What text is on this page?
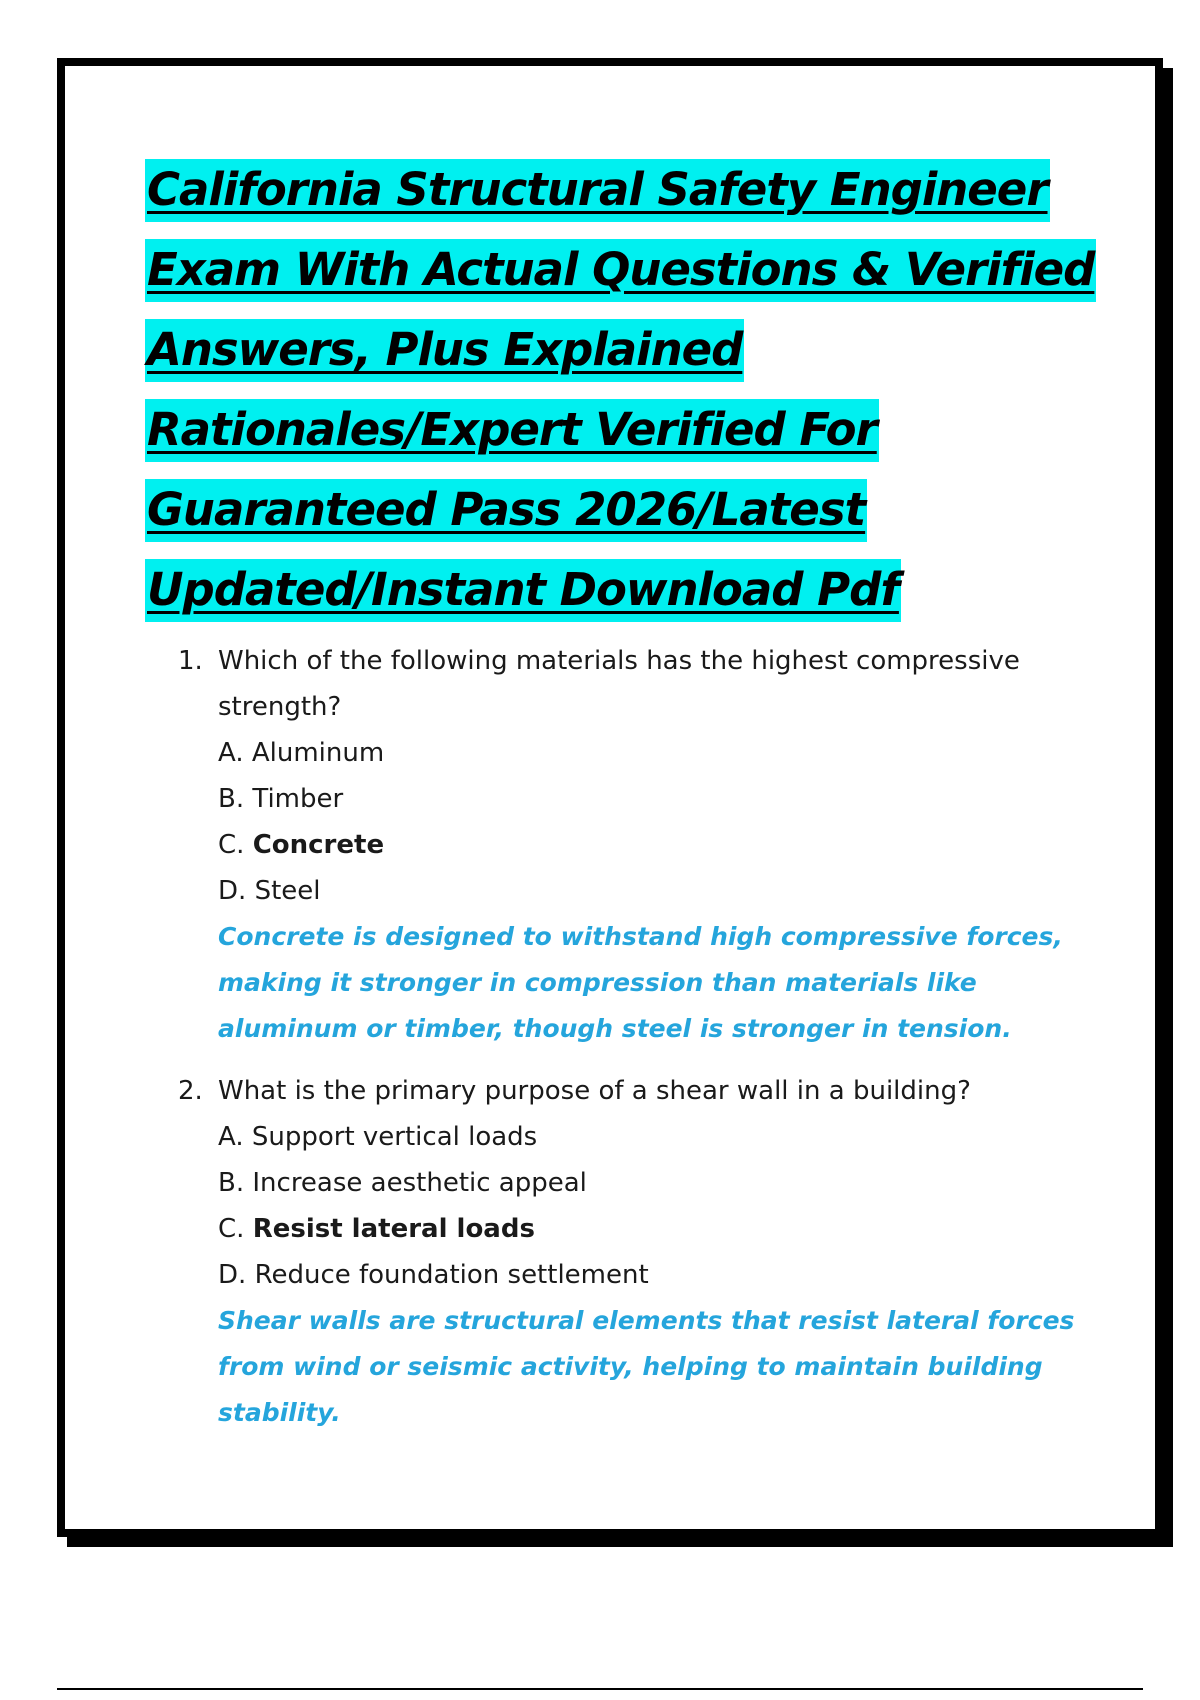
California Structural Safety Engineer
Exam With Actual Questions & Verified
Answers, Plus Explained
Rationales/Expert Verified For
Guaranteed Pass 2026/Latest
Updated/Instant Download Pdf
1. Which of the following materials has the highest compressive strength?
A. Aluminum
B. Timber
C. Concrete
D. Steel
Concrete is designed to withstand high compressive forces, making it stronger in compression than materials like aluminum or timber, though steel is stronger in tension.
2. What is the primary purpose of a shear wall in a building?
A. Support vertical loads
B. Increase aesthetic appeal
C. Resist lateral loads
D. Reduce foundation settlement
Shear walls are structural elements that resist lateral forces from wind or seismic activity, helping to maintain building stability.
